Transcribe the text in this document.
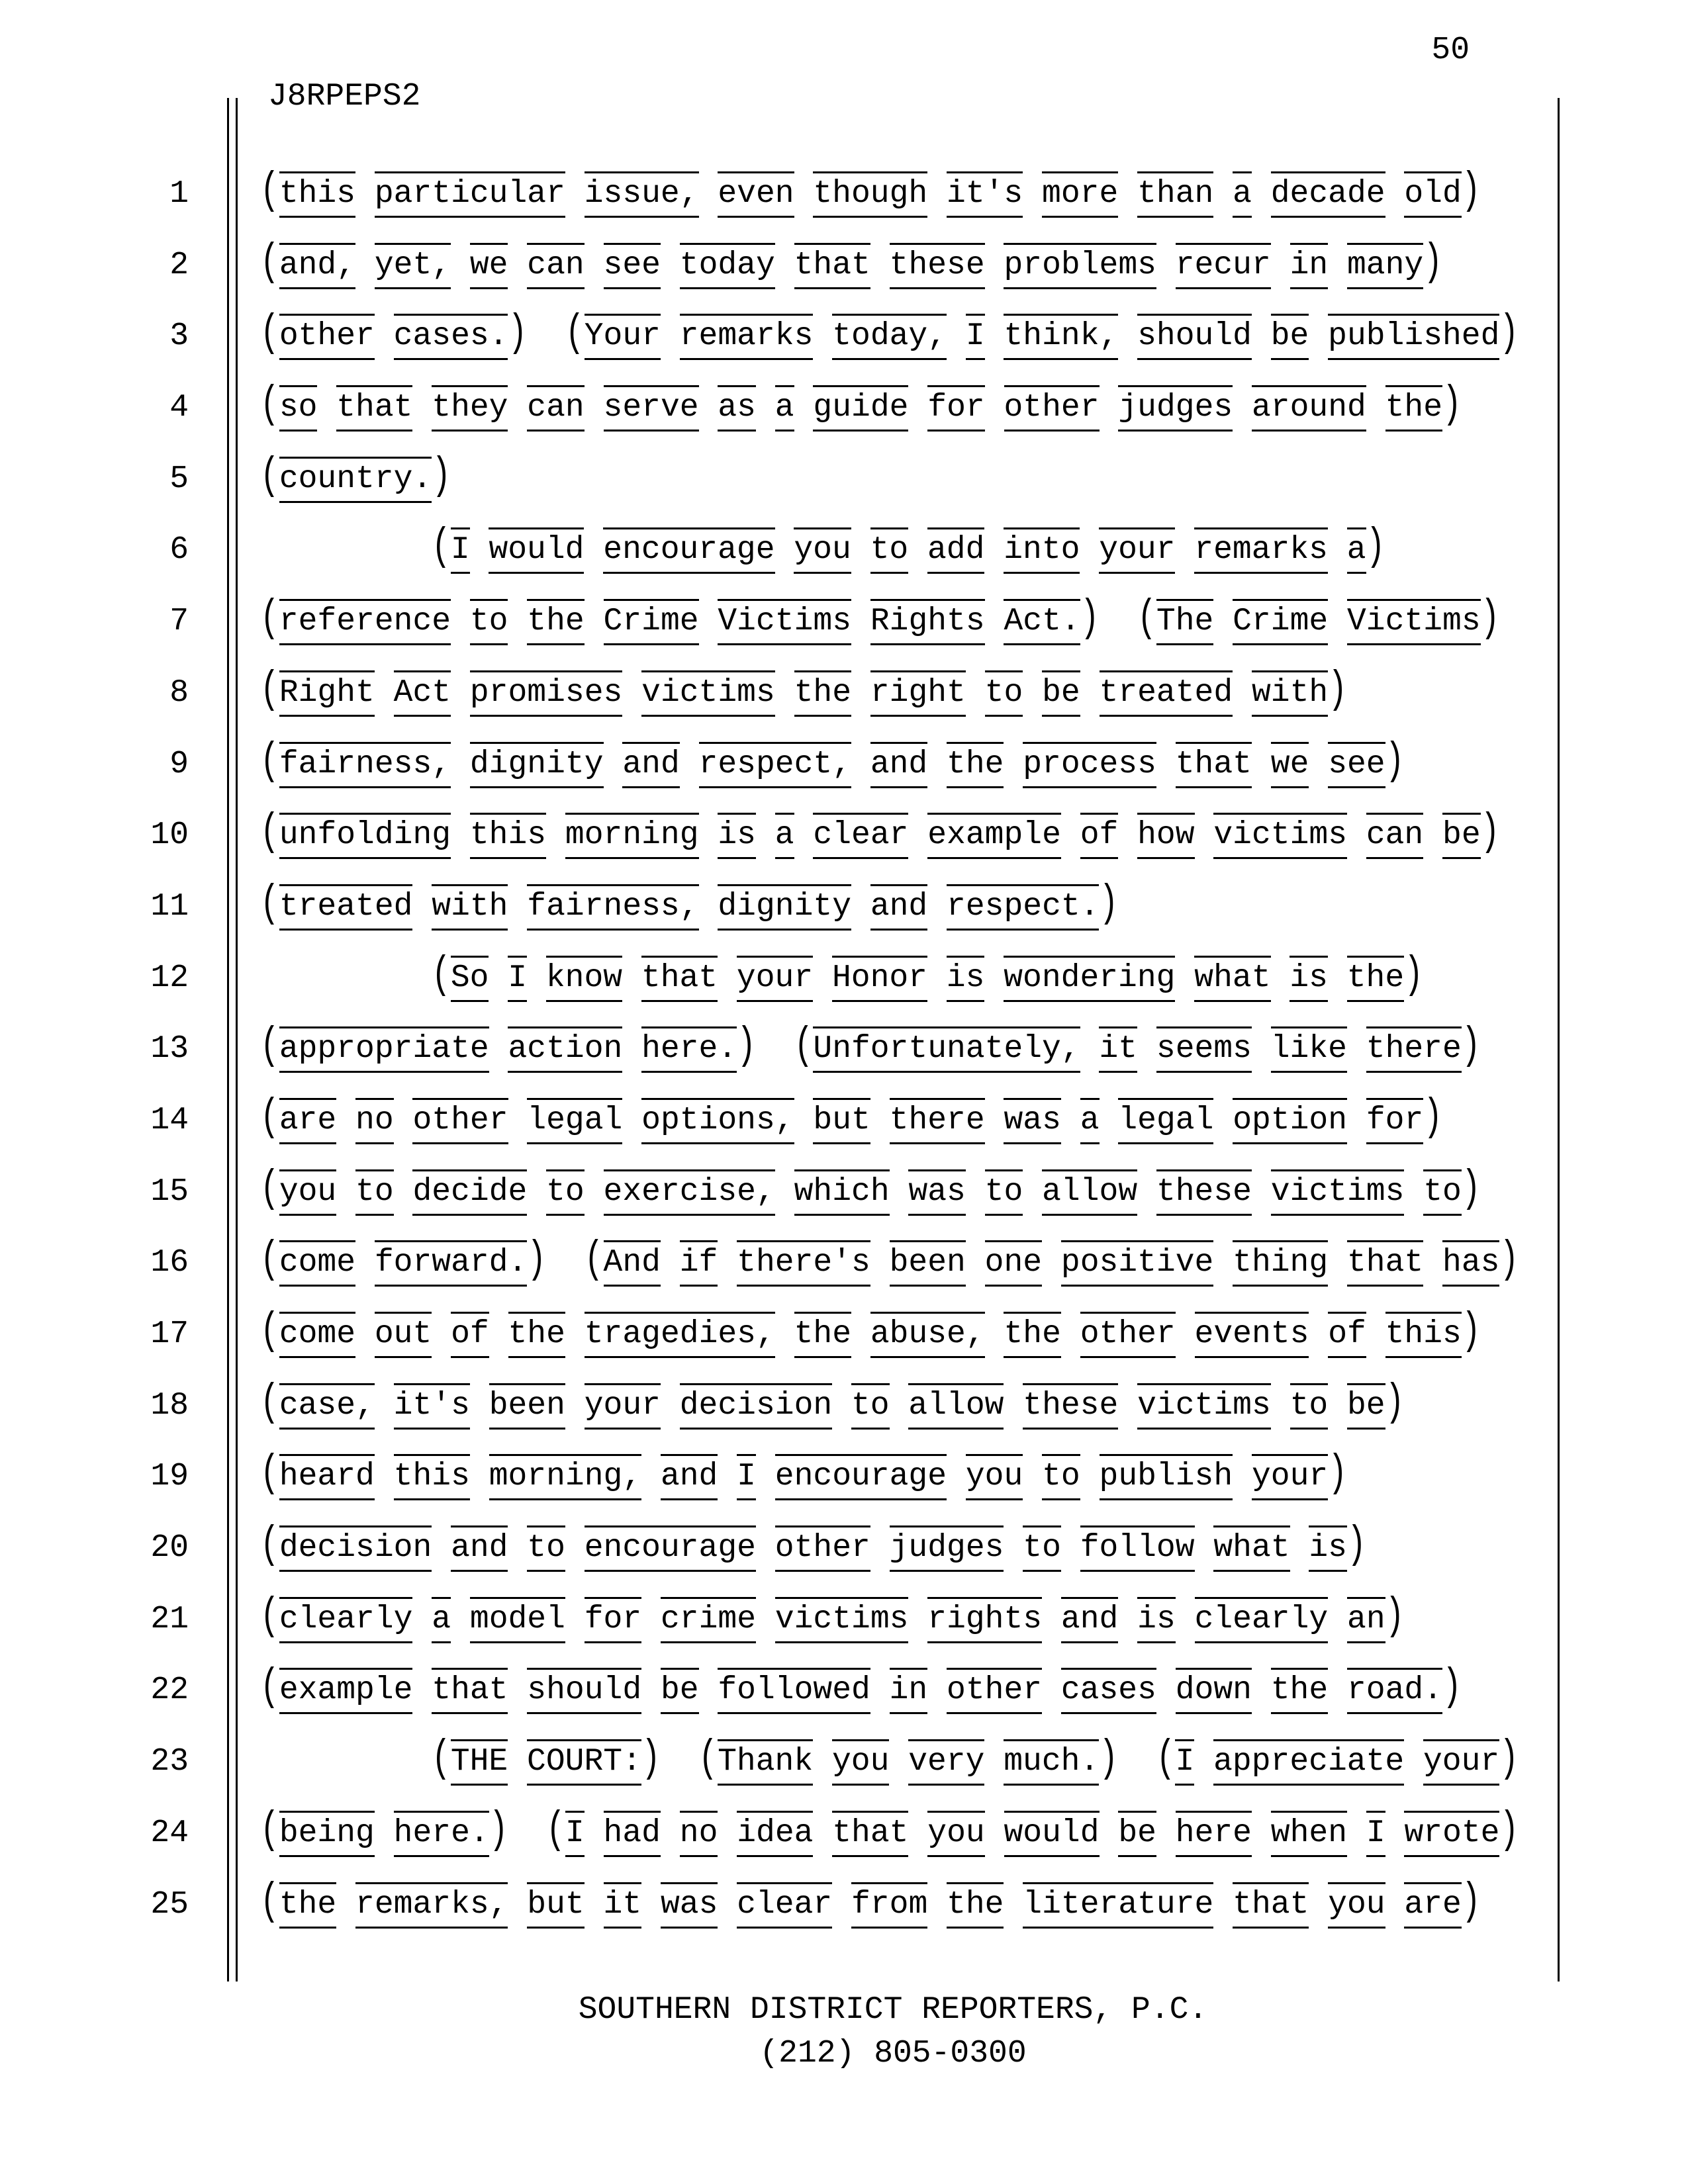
50
J8RPEPS2
1 (this particular issue, even though it's more than a decade old)
2 (and, yet, we can see today that these problems recur in many)
3 (other cases.) (Your remarks today, I think, should be published)
4 (so that they can serve as a guide for other judges around the)
5 (country.)
6	(I would encourage you to add into your remarks a)
7 (reference to the Crime Victims Rights Act.) (The Crime Victims)
8 (Right Act promises victims the right to be treated with)
9 (fairness, dignity and respect, and the process that we see)
10 (unfolding this morning is a clear example of how victims can be)
11 (treated with fairness, dignity and respect.)
12	(So I know that your Honor is wondering what is the)
13 (appropriate action here.) (Unfortunately, it seems like there)
14 (are no other legal options, but there was a legal option for)
15 (you to decide to exercise, which was to allow these victims to)
16 (come forward.) (And if there's been one positive thing that has)
17 (come out of the tragedies, the abuse, the other events of this)
18 (case, it's been your decision to allow these victims to be)
19 (heard this morning, and I encourage you to publish your)
20 (decision and to encourage other judges to follow what is)
21 (clearly a model for crime victims rights and is clearly an)
22 (example that should be followed in other cases down the road.)
23	(THE COURT:) (Thank you very much.) (I appreciate your)
24 (being here.) (I had no idea that you would be here when I wrote)
25 (the remarks, but it was clear from the literature that you are)
SOUTHERN DISTRICT REPORTERS, P.C.
(212) 805-0300
